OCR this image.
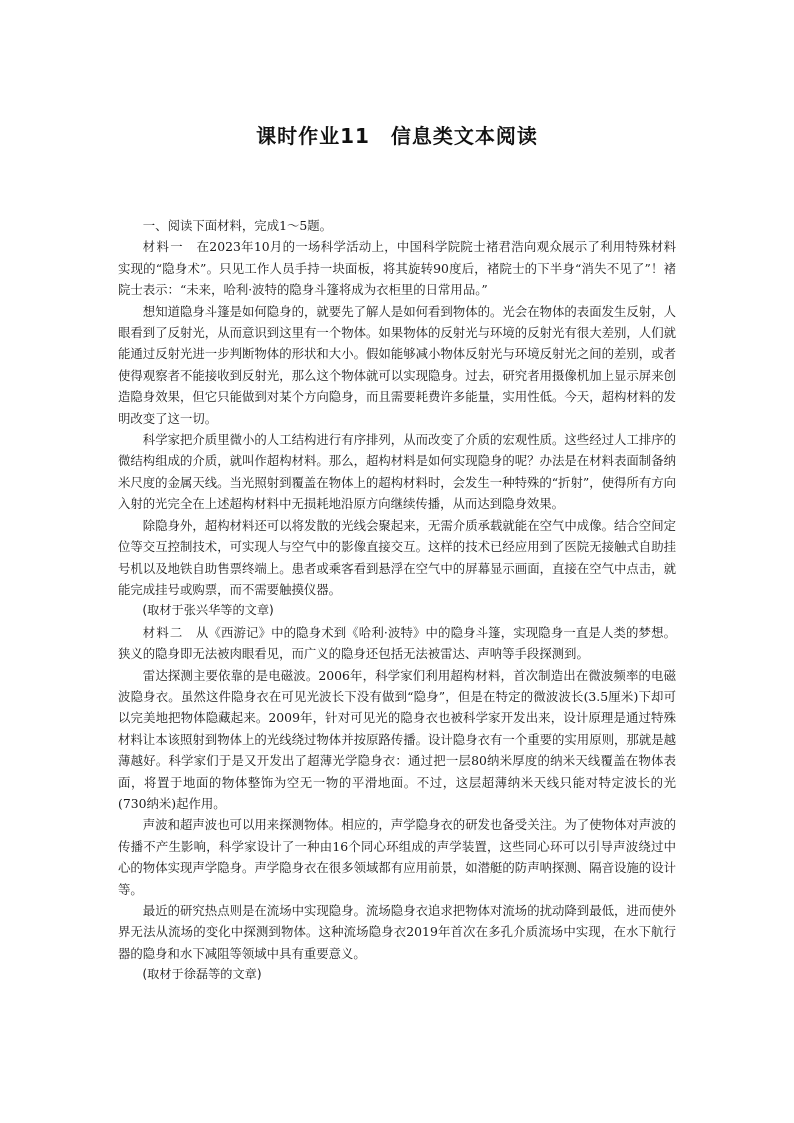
课时作业11　信息类文本阅读

一、阅读下面材料，完成1～5题。

材料一　 在2023年10月的一场科学活动上，中国科学院院士褚君浩向观众展示了利用特殊材料实现的“隐身术”。只见工作人员手持一块面板，将其旋转90度后，褚院士的下半身“消失不见了”！褚院士表示：“未来，哈利·波特的隐身斗篷将成为衣柜里的日常用品。”

想知道隐身斗篷是如何隐身的，就要先了解人是如何看到物体的。光会在物体的表面发生反射，人眼看到了反射光，从而意识到这里有一个物体。如果物体的反射光与环境的反射光有很大差别，人们就能通过反射光进一步判断物体的形状和大小。假如能够减小物体反射光与环境反射光之间的差别，或者使得观察者不能接收到反射光，那么这个物体就可以实现隐身。过去，研究者用摄像机加上显示屏来创造隐身效果，但它只能做到对某个方向隐身，而且需要耗费许多能量，实用性低。今天，超构材料的发明改变了这一切。

科学家把介质里微小的人工结构进行有序排列，从而改变了介质的宏观性质。这些经过人工排序的微结构组成的介质，就叫作超构材料。那么，超构材料是如何实现隐身的呢？办法是在材料表面制备纳米尺度的金属天线。当光照射到覆盖在物体上的超构材料时，会发生一种特殊的“折射”，使得所有方向入射的光完全在上述超构材料中无损耗地沿原方向继续传播，从而达到隐身效果。

除隐身外，超构材料还可以将发散的光线会聚起来，无需介质承载就能在空气中成像。结合空间定位等交互控制技术，可实现人与空气中的影像直接交互。这样的技术已经应用到了医院无接触式自助挂号机以及地铁自助售票终端上。患者或乘客看到悬浮在空气中的屏幕显示画面，直接在空气中点击，就能完成挂号或购票，而不需要触摸仪器。

(取材于张兴华等的文章)

材料二　 从《西游记》中的隐身术到《哈利·波特》中的隐身斗篷，实现隐身一直是人类的梦想。狭义的隐身即无法被肉眼看见，而广义的隐身还包括无法被雷达、声呐等手段探测到。

雷达探测主要依靠的是电磁波。2006年，科学家们利用超构材料，首次制造出在微波频率的电磁波隐身衣。虽然这件隐身衣在可见光波长下没有做到“隐身”，但是在特定的微波波长(3.5厘米)下却可以完美地把物体隐藏起来。2009年，针对可见光的隐身衣也被科学家开发出来，设计原理是通过特殊材料让本该照射到物体上的光线绕过物体并按原路传播。设计隐身衣有一个重要的实用原则，那就是越薄越好。科学家们于是又开发出了超薄光学隐身衣：通过把一层80纳米厚度的纳米天线覆盖在物体表面，将置于地面的物体整饰为空无一物的平滑地面。不过，这层超薄纳米天线只能对特定波长的光(730纳米)起作用。

声波和超声波也可以用来探测物体。相应的，声学隐身衣的研发也备受关注。为了使物体对声波的传播不产生影响，科学家设计了一种由16个同心环组成的声学装置，这些同心环可以引导声波绕过中心的物体实现声学隐身。声学隐身衣在很多领域都有应用前景，如潜艇的防声呐探测、隔音设施的设计等。

最近的研究热点则是在流场中实现隐身。流场隐身衣追求把物体对流场的扰动降到最低，进而使外界无法从流场的变化中探测到物体。这种流场隐身衣2019年首次在多孔介质流场中实现，在水下航行器的隐身和水下减阻等领域中具有重要意义。

(取材于徐磊等的文章)
